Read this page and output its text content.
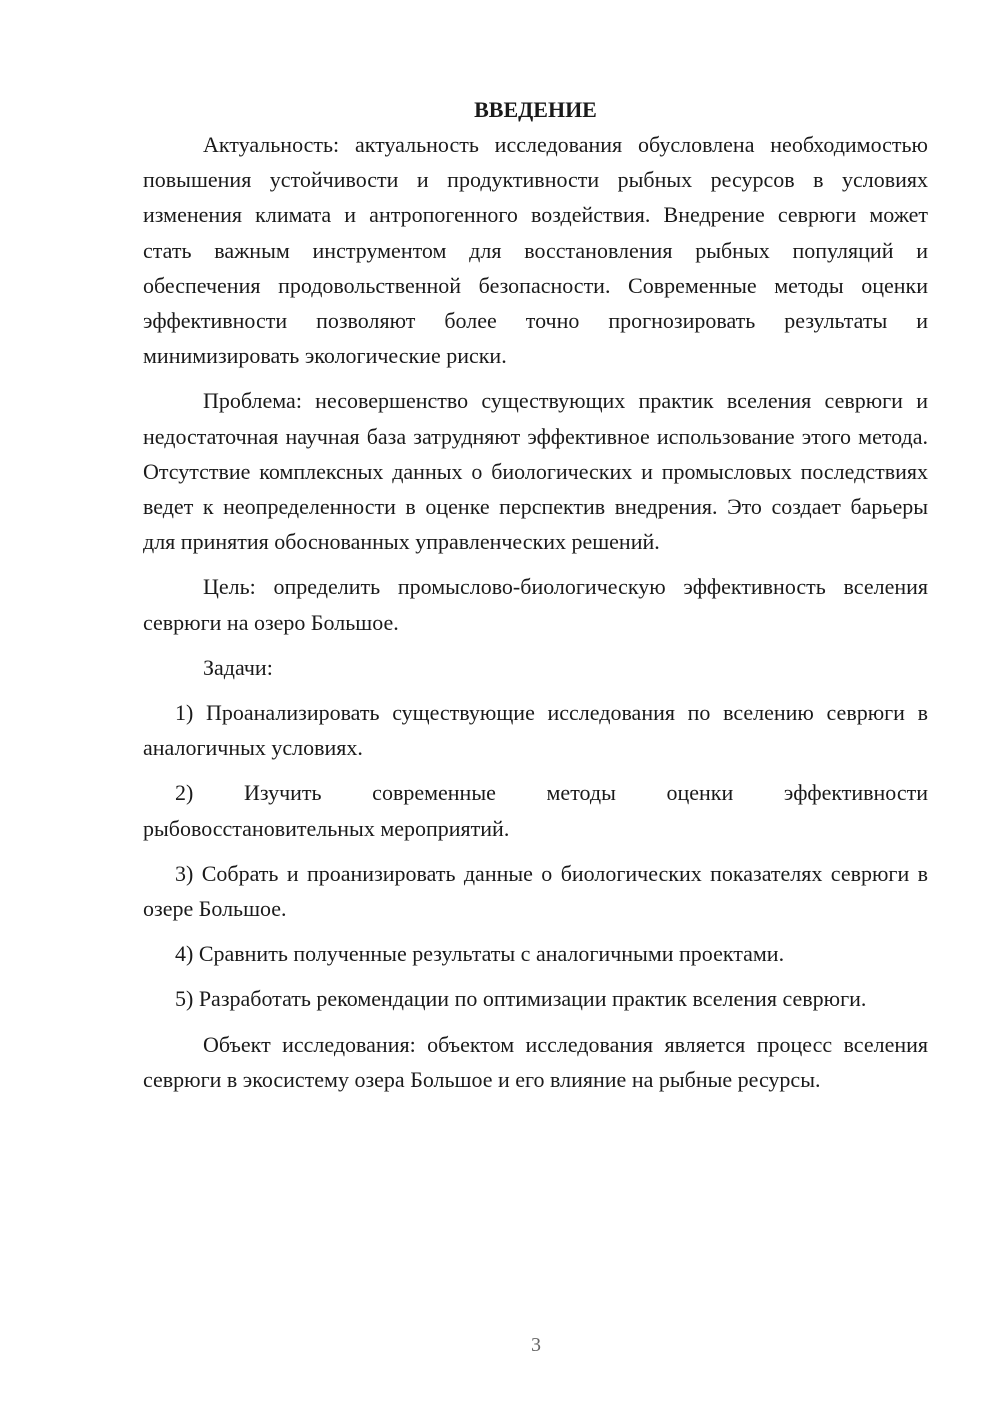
ВВЕДЕНИЕ

Актуальность: актуальность исследования обусловлена необходимостью повышения устойчивости и продуктивности рыбных ресурсов в условиях изменения климата и антропогенного воздействия. Внедрение севрюги может стать важным инструментом для восстановления рыбных популяций и обеспечения продовольственной безопасности. Современные методы оценки эффективности позволяют более точно прогнозировать результаты и минимизировать экологические риски.

Проблема: несовершенство существующих практик вселения севрюги и недостаточная научная база затрудняют эффективное использование этого метода. Отсутствие комплексных данных о биологических и промысловых последствиях ведет к неопределенности в оценке перспектив внедрения. Это создает барьеры для принятия обоснованных управленческих решений.

Цель: определить промыслово-биологическую эффективность вселения севрюги на озеро Большое.

Задачи:

1) Проанализировать существующие исследования по вселению севрюги в аналогичных условиях.

2) Изучить современные методы оценки эффективности рыбовосстановительных мероприятий.

3) Собрать и проанизировать данные о биологических показателях севрюги в озере Большое.

4) Сравнить полученные результаты с аналогичными проектами.

5) Разработать рекомендации по оптимизации практик вселения севрюги.

Объект исследования: объектом исследования является процесс вселения севрюги в экосистему озера Большое и его влияние на рыбные ресурсы.

3
